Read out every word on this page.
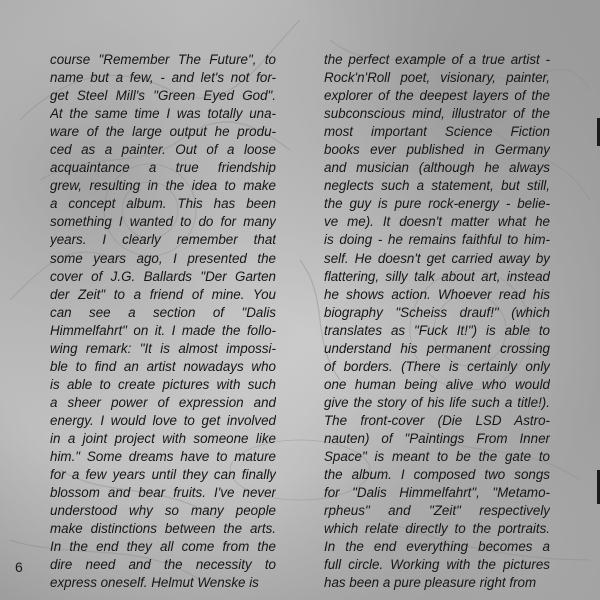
course "Remember The Future", to
name but a few, - and let's not for-
get Steel Mill's "Green Eyed God".
At the same time I was totally una-
ware of the large output he produ-
ced as a painter. Out of a loose
acquaintance a true friendship
grew, resulting in the idea to make
a concept album. This has been
something I wanted to do for many
years. I clearly remember that
some years ago, I presented the
cover of J.G. Ballards "Der Garten
der Zeit" to a friend of mine. You
can see a section of "Dalis
Himmelfahrt" on it. I made the follo-
wing remark: "It is almost impossi-
ble to find an artist nowadays who
is able to create pictures with such
a sheer power of expression and
energy. I would love to get involved
in a joint project with someone like
him." Some dreams have to mature
for a few years until they can finally
blossom and bear fruits. I've never
understood why so many people
make distinctions between the arts.
In the end they all come from the
dire need and the necessity to
express oneself. Helmut Wenske is
the perfect example of a true artist -
Rock'n'Roll poet, visionary, painter,
explorer of the deepest layers of the
subconscious mind, illustrator of the
most important Science Fiction
books ever published in Germany
and musician (although he always
neglects such a statement, but still,
the guy is pure rock-energy - belie-
ve me). It doesn't matter what he
is doing - he remains faithful to him-
self. He doesn't get carried away by
flattering, silly talk about art, instead
he shows action. Whoever read his
biography "Scheiss drauf!" (which
translates as "Fuck It!") is able to
understand his permanent crossing
of borders. (There is certainly only
one human being alive who would
give the story of his life such a title!).
The front-cover (Die LSD Astro-
nauten) of "Paintings From Inner
Space" is meant to be the gate to
the album. I composed two songs
for "Dalis Himmelfahrt", "Metamo-
rpheus" and "Zeit" respectively
which relate directly to the portraits.
In the end everything becomes a
full circle. Working with the pictures
has been a pure pleasure right from
6
